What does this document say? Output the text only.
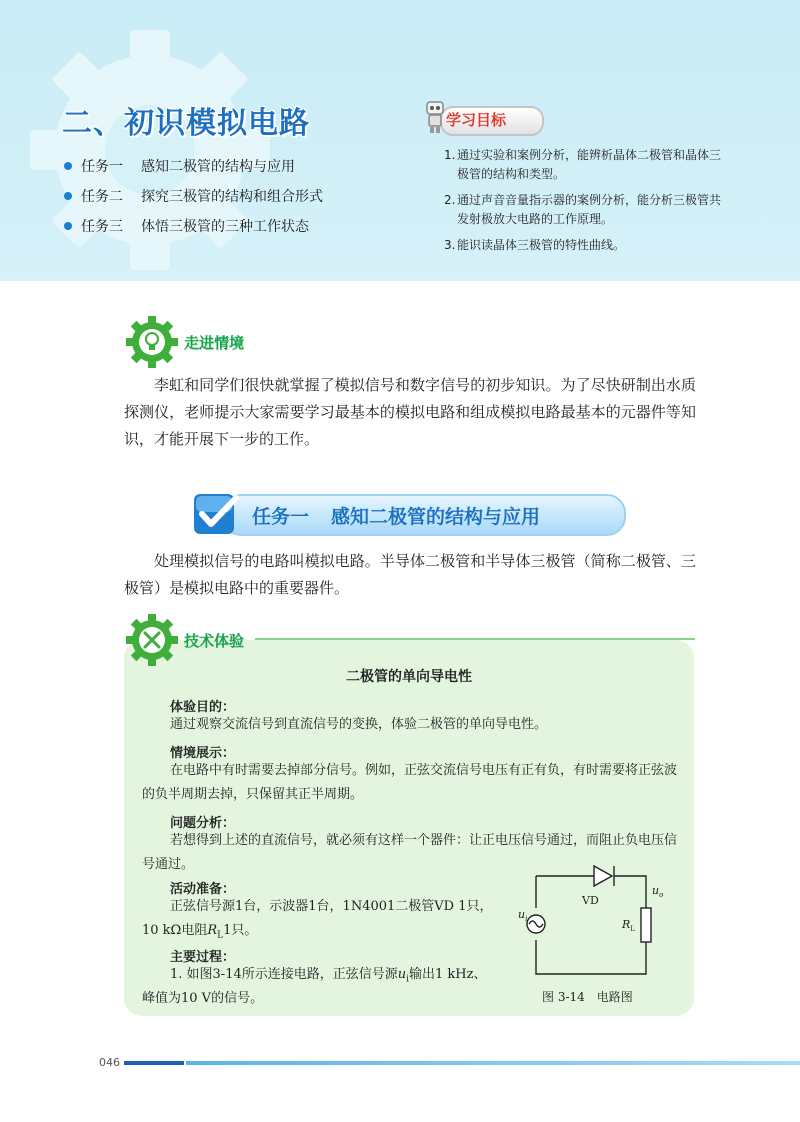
二、初识模拟电路
任务一	感知二极管的结构与应用
任务二	探究三极管的结构和组合形式
任务三	体悟三极管的三种工作状态
学习目标
1. 通过实验和案例分析，能辨析晶体二极管和晶体三极管的结构和类型。
2. 通过声音音量指示器的案例分析，能分析三极管共发射极放大电路的工作原理。
3. 能识读晶体三极管的特性曲线。
走进情境
李虹和同学们很快就掌握了模拟信号和数字信号的初步知识。为了尽快研制出水质探测仪，老师提示大家需要学习最基本的模拟电路和组成模拟电路最基本的元器件等知识，才能开展下一步的工作。
任务一 感知二极管的结构与应用
处理模拟信号的电路叫模拟电路。半导体二极管和半导体三极管（简称二极管、三极管）是模拟电路中的重要器件。
技术体验
二极管的单向导电性
体验目的：
通过观察交流信号到直流信号的变换，体验二极管的单向导电性。
情境展示：
在电路中有时需要去掉部分信号。例如，正弦交流信号电压有正有负，有时需要将正弦波的负半周期去掉，只保留其正半周期。
问题分析：
若想得到上述的直流信号，就必须有这样一个器件：让正电压信号通过，而阻止负电压信号通过。
活动准备：
正弦信号源1台，示波器1台，1N4001二极管VD 1只，
10 kΩ电阻$R_L1$只。
主要过程：
1. 如图3-14所示连接电路，正弦信号源$u_i$输出1 kHz、
峰值为10 V的信号。
VD
$u_i$
$u_o$
$R_L$
图 3-14　电路图
046
